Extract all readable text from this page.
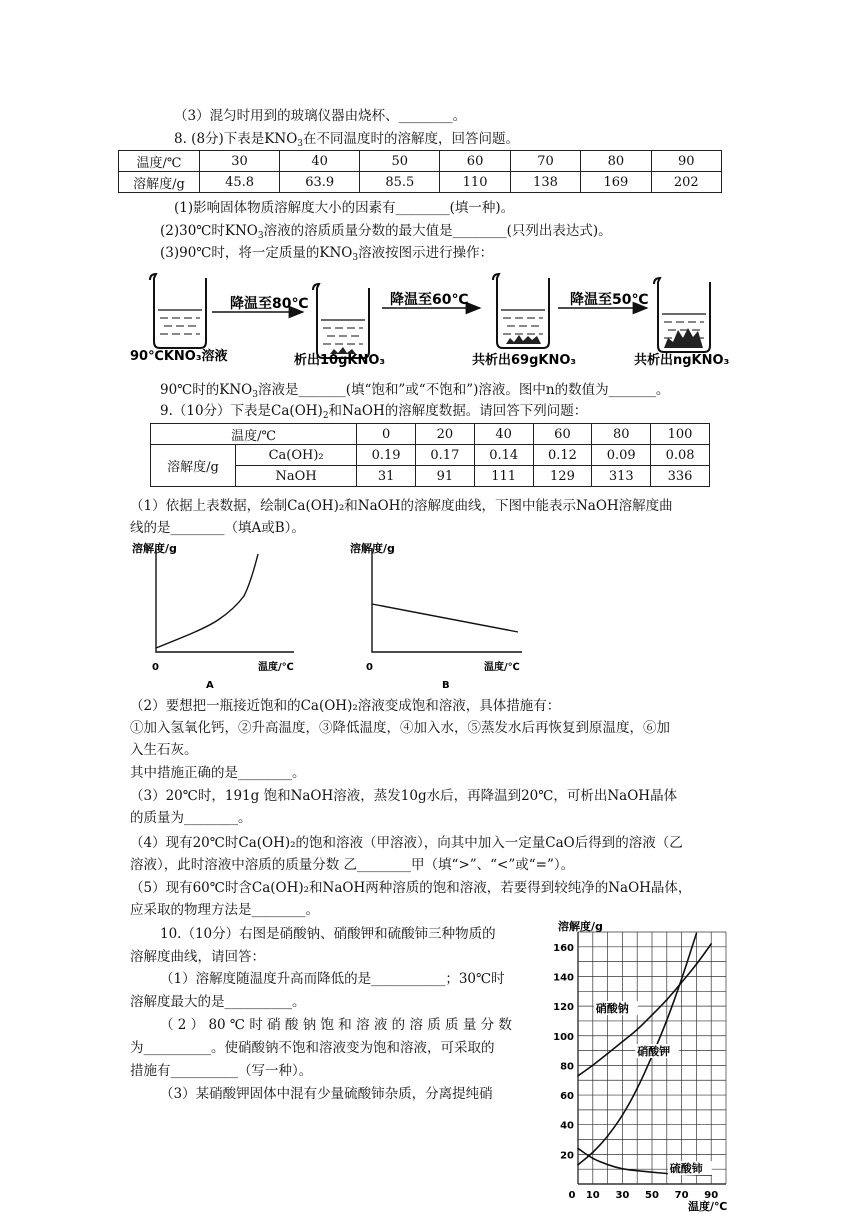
（3）混匀时用到的玻璃仪器由烧杯、________。
8. (8分)下表是$KNO_3$在不同温度时的溶解度，回答问题。
温度/℃	30	40	50	60	70	80	90
溶解度/g	45.8	63.9	85.5	110	138	169	202
(1)影响固体物质溶解度大小的因素有________(填一种)。
(2)30℃时$KNO_3$溶液的溶质质量分数的最大值是________(只列出表达式)。
(3)90℃时，将一定质量的$KNO_3$溶液按图示进行操作：
降温至80℃	降温至60℃	降温至50℃
90℃KNO₃溶液	析出10gKNO₃	共析出69gKNO₃	共析出ngKNO₃
90℃时的$KNO_3$溶液是_______(填“饱和”或“不饱和”)溶液。图中n的数值为_______。
9.（10分）下表是$Ca(OH)_2$和NaOH的溶解度数据。请回答下列问题：
温度/℃		0	20	40	60	80	100
溶解度/g	Ca(OH)₂	0.19	0.17	0.14	0.12	0.09	0.08
	NaOH	31	91	111	129	313	336
（1）依据上表数据，绘制Ca(OH)₂和NaOH的溶解度曲线，下图中能表示NaOH溶解度曲
线的是________（填A或B）。
溶解度/g
0	温度/℃
A
溶解度/g
0	温度/℃
B
（2）要想把一瓶接近饱和的Ca(OH)₂溶液变成饱和溶液，具体措施有：
①加入氢氧化钙，②升高温度，③降低温度，④加入水，⑤蒸发水后再恢复到原温度，⑥加
入生石灰。
其中措施正确的是________。
（3）20℃时，191g 饱和NaOH溶液，蒸发10g水后，再降温到20℃，可析出NaOH晶体
的质量为________。
（4）现有20℃时Ca(OH)₂的饱和溶液（甲溶液），向其中加入一定量CaO后得到的溶液（乙
溶液），此时溶液中溶质的质量分数 乙________甲（填“>”、“<”或“=”）。
（5）现有60℃时含Ca(OH)₂和NaOH两种溶质的饱和溶液，若要得到较纯净的NaOH晶体，
应采取的物理方法是________。
10.（10分）右图是硝酸钠、硝酸钾和硫酸铈三种物质的
溶解度曲线，请回答：
（1）溶解度随温度升高而降低的是___________；30℃时
溶解度最大的是__________。
（ 2 ） 80 ℃ 时 硝 酸 钠 饱 和 溶 液 的 溶 质 质 量 分 数
为__________。使硝酸钠不饱和溶液变为饱和溶液，可采取的
措施有__________（写一种）。
（3）某硝酸钾固体中混有少量硫酸铈杂质，分离提纯硝
溶解度/g
20
40
60
80
100
120
140
160
0 10 30 50 70 90
硝酸钠
硝酸钾
硫酸铈
温度/℃
